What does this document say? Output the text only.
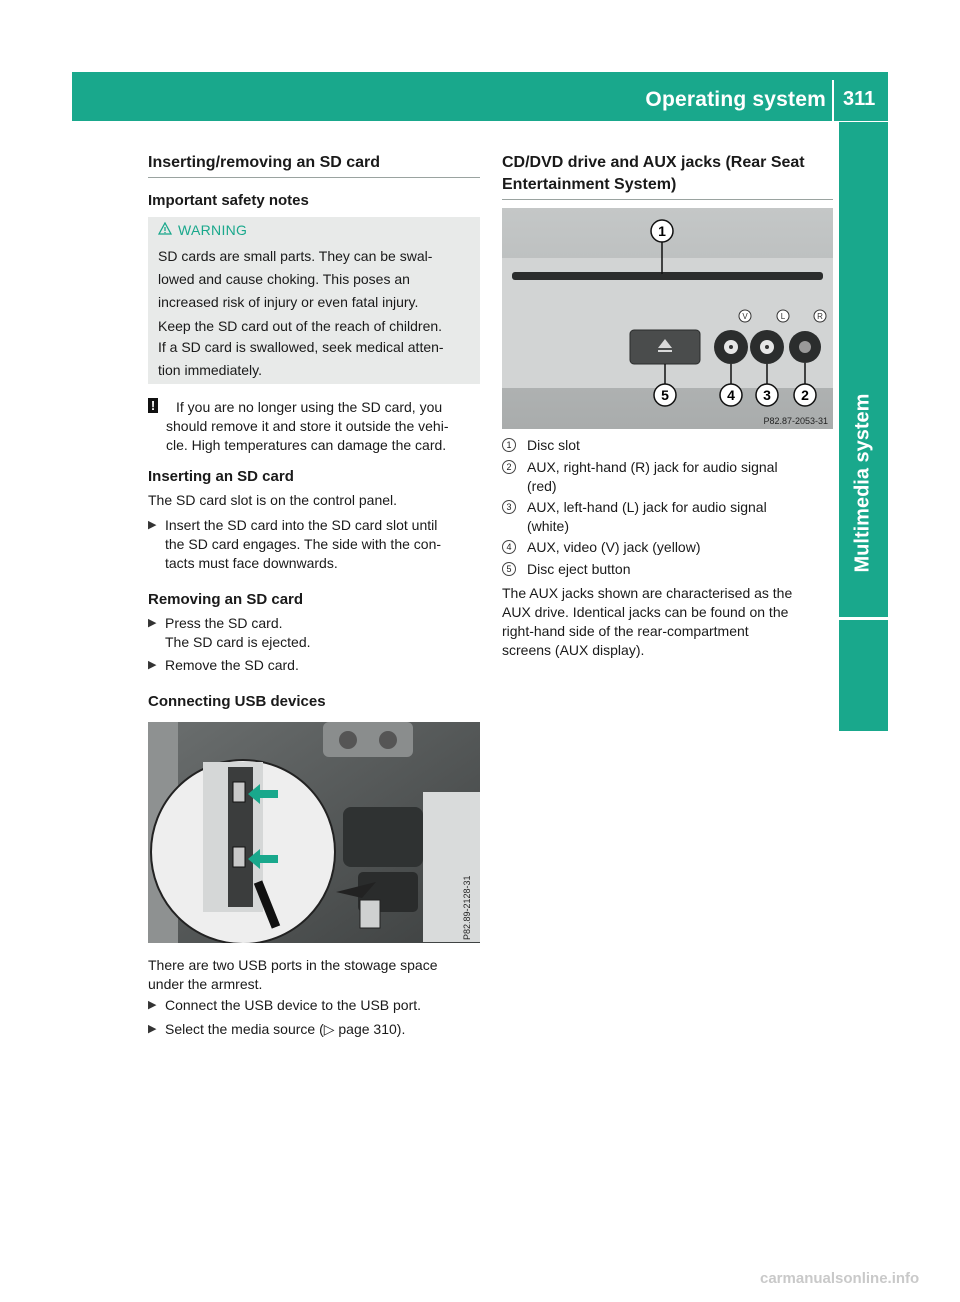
Operating system 311
Multimedia system
Inserting/removing an SD card
Important safety notes
WARNING
SD cards are small parts. They can be swal-
lowed and cause choking. This poses an
increased risk of injury or even fatal injury.
Keep the SD card out of the reach of children.
If a SD card is swallowed, seek medical atten-
tion immediately.
!	If you are no longer using the SD card, you
should remove it and store it outside the vehi-
cle. High temperatures can damage the card.
Inserting an SD card
The SD card slot is on the control panel.
▶ Insert the SD card into the SD card slot until
the SD card engages. The side with the con-
tacts must face downwards.
Removing an SD card
▶ Press the SD card.
The SD card is ejected.
▶ Remove the SD card.
Connecting USB devices
P82.89-2128-31
There are two USB ports in the stowage space
under the armrest.
▶ Connect the USB device to the USB port.
▶ Select the media source (▷ page 310).
CD/DVD drive and AUX jacks (Rear Seat
Entertainment System)
V	L	R
1
5	4 3 2
P82.87-2053-31
1	Disc slot
2	AUX, right-hand (R) jack for audio signal
(red)
3	AUX, left-hand (L) jack for audio signal
(white)
4	AUX, video (V) jack (yellow)
5	Disc eject button
The AUX jacks shown are characterised as the
AUX drive. Identical jacks can be found on the
right-hand side of the rear-compartment
screens (AUX display).
carmanualsonline.info
